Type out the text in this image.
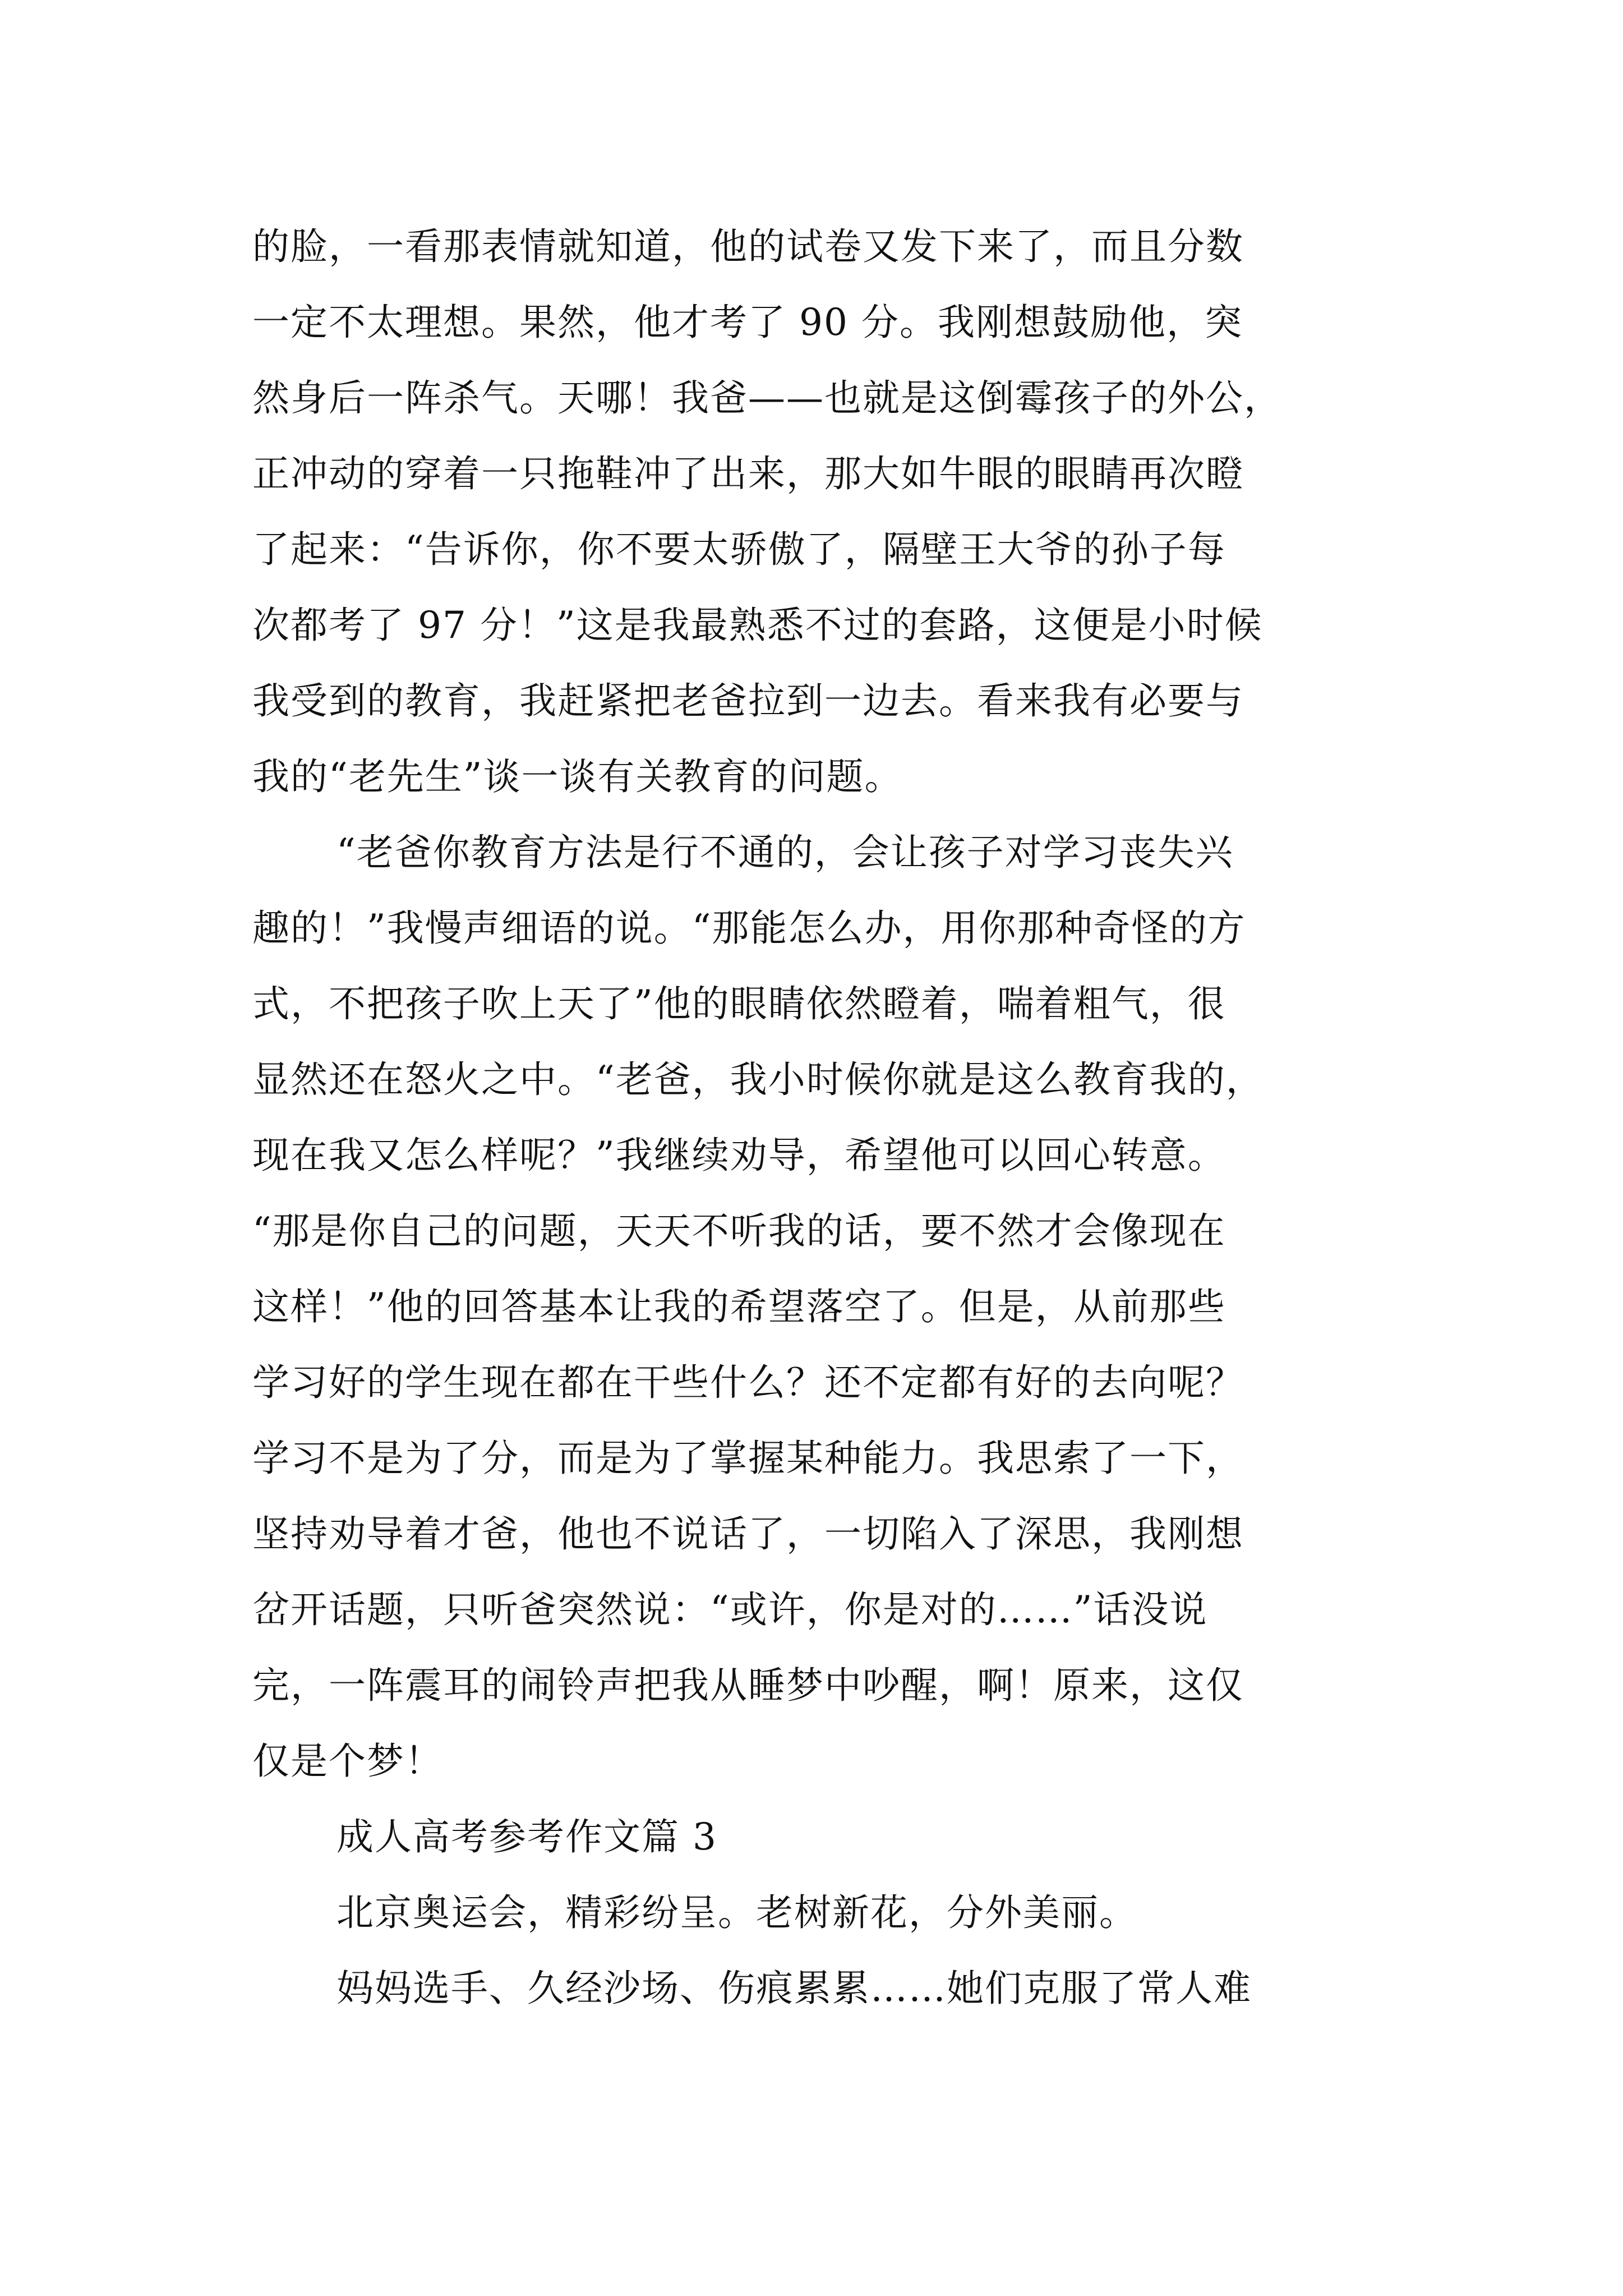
的脸，一看那表情就知道，他的试卷又发下来了，而且分数
一定不太理想。果然，他才考了 90 分。我刚想鼓励他，突
然身后一阵杀气。天哪！我爸——也就是这倒霉孩子的外公，
正冲动的穿着一只拖鞋冲了出来，那大如牛眼的眼睛再次瞪
了起来：“告诉你，你不要太骄傲了，隔壁王大爷的孙子每
次都考了 97 分！”这是我最熟悉不过的套路，这便是小时候
我受到的教育，我赶紧把老爸拉到一边去。看来我有必要与
我的“老先生”谈一谈有关教育的问题。
“老爸你教育方法是行不通的，会让孩子对学习丧失兴
趣的！”我慢声细语的说。“那能怎么办，用你那种奇怪的方
式，不把孩子吹上天了”他的眼睛依然瞪着，喘着粗气，很
显然还在怒火之中。“老爸，我小时候你就是这么教育我的，
现在我又怎么样呢？”我继续劝导，希望他可以回心转意。
“那是你自己的问题，天天不听我的话，要不然才会像现在
这样！”他的回答基本让我的希望落空了。但是，从前那些
学习好的学生现在都在干些什么？还不定都有好的去向呢？
学习不是为了分，而是为了掌握某种能力。我思索了一下，
坚持劝导着才爸，他也不说话了，一切陷入了深思，我刚想
岔开话题，只听爸突然说：“或许，你是对的……”话没说
完，一阵震耳的闹铃声把我从睡梦中吵醒，啊！原来，这仅
仅是个梦！
成人高考参考作文篇 3
北京奥运会，精彩纷呈。老树新花，分外美丽。
妈妈选手、久经沙场、伤痕累累……她们克服了常人难
